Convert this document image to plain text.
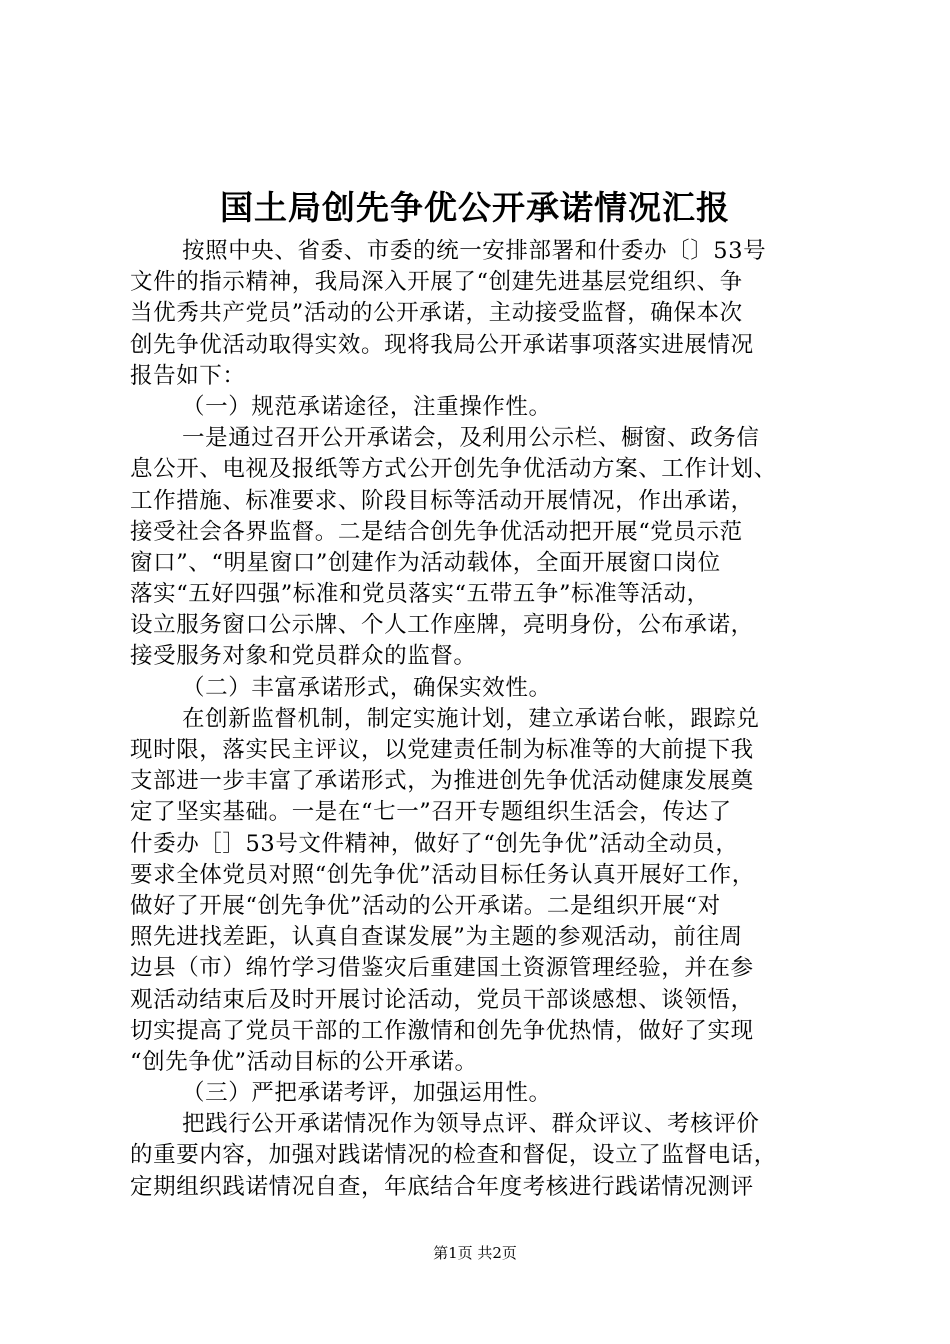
国土局创先争优公开承诺情况汇报
按照中央、省委、市委的统一安排部署和什委办〔〕53号
文件的指示精神，我局深入开展了“创建先进基层党组织、争
当优秀共产党员”活动的公开承诺，主动接受监督，确保本次
创先争优活动取得实效。现将我局公开承诺事项落实进展情况
报告如下：
（一）规范承诺途径，注重操作性。
一是通过召开公开承诺会，及利用公示栏、橱窗、政务信
息公开、电视及报纸等方式公开创先争优活动方案、工作计划、
工作措施、标准要求、阶段目标等活动开展情况，作出承诺，
接受社会各界监督。二是结合创先争优活动把开展“党员示范
窗口”、“明星窗口”创建作为活动载体，全面开展窗口岗位
落实“五好四强”标准和党员落实“五带五争”标准等活动，
设立服务窗口公示牌、个人工作座牌，亮明身份，公布承诺，
接受服务对象和党员群众的监督。
（二）丰富承诺形式，确保实效性。
在创新监督机制，制定实施计划，建立承诺台帐，跟踪兑
现时限，落实民主评议，以党建责任制为标准等的大前提下我
支部进一步丰富了承诺形式，为推进创先争优活动健康发展奠
定了坚实基础。一是在“七一”召开专题组织生活会，传达了
什委办［］53号文件精神，做好了“创先争优”活动全动员，
要求全体党员对照“创先争优”活动目标任务认真开展好工作，
做好了开展“创先争优”活动的公开承诺。二是组织开展“对
照先进找差距，认真自查谋发展”为主题的参观活动，前往周
边县（市）绵竹学习借鉴灾后重建国土资源管理经验，并在参
观活动结束后及时开展讨论活动，党员干部谈感想、谈领悟，
切实提高了党员干部的工作激情和创先争优热情，做好了实现
“创先争优”活动目标的公开承诺。
（三）严把承诺考评，加强运用性。
把践行公开承诺情况作为领导点评、群众评议、考核评价
的重要内容，加强对践诺情况的检查和督促，设立了监督电话，
定期组织践诺情况自查，年底结合年度考核进行践诺情况测评
第1页 共2页
